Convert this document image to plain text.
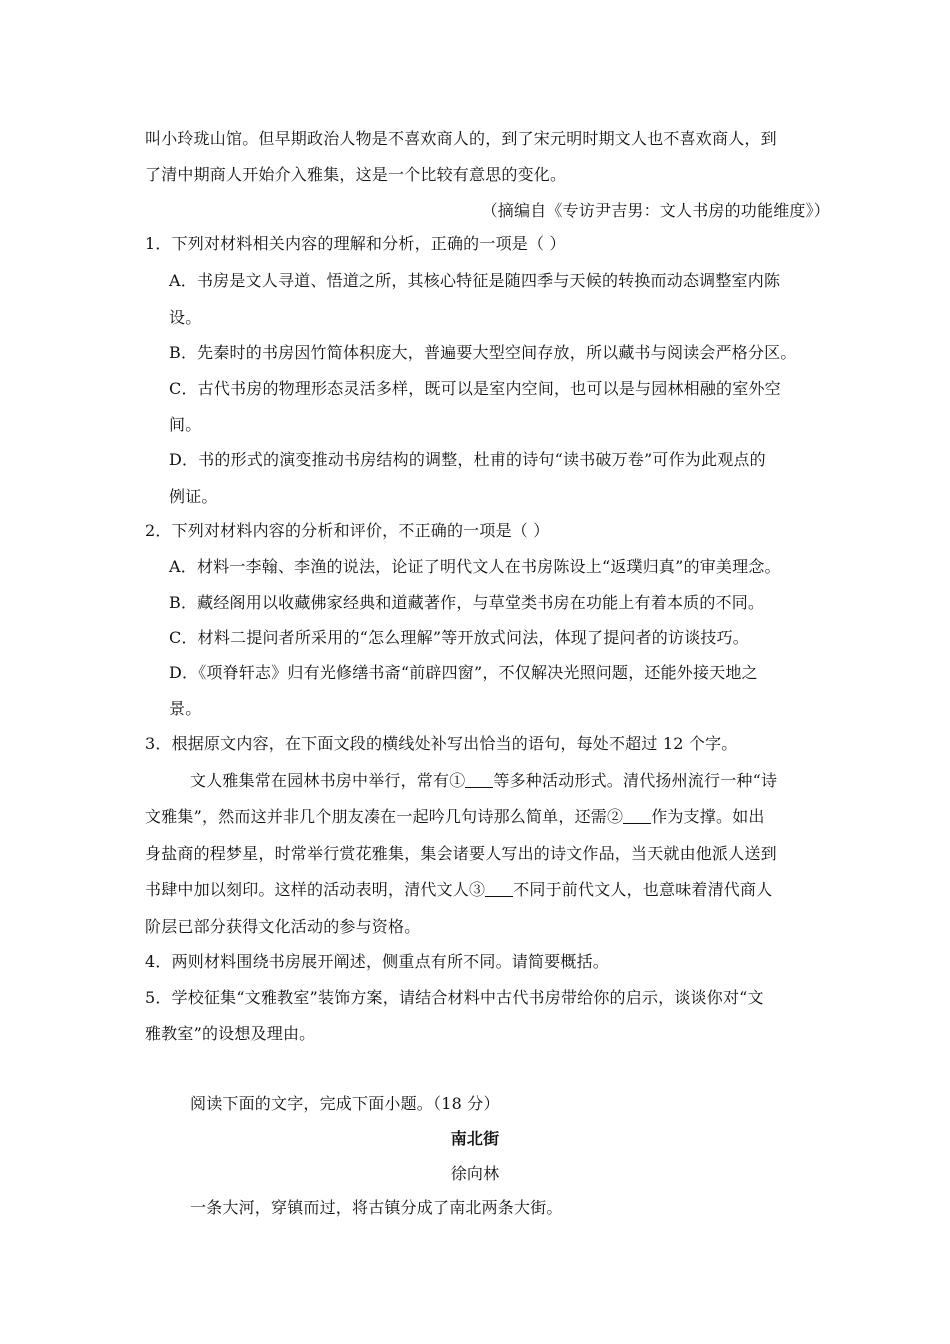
叫小玲珑山馆。但早期政治人物是不喜欢商人的，到了宋元明时期文人也不喜欢商人，到
了清中期商人开始介入雅集，这是一个比较有意思的变化。
（摘编自《专访尹吉男：文人书房的功能维度》）
1．下列对材料相关内容的理解和分析，正确的一项是（ ）
A．书房是文人寻道、悟道之所，其核心特征是随四季与天候的转换而动态调整室内陈
设。
B．先秦时的书房因竹简体积庞大，普遍要大型空间存放，所以藏书与阅读会严格分区。
C．古代书房的物理形态灵活多样，既可以是室内空间，也可以是与园林相融的室外空
间。
D．书的形式的演变推动书房结构的调整，杜甫的诗句“读书破万卷”可作为此观点的
例证。
2．下列对材料内容的分析和评价，不正确的一项是（ ）
A．材料一李翰、李渔的说法，论证了明代文人在书房陈设上“返璞归真”的审美理念。
B．藏经阁用以收藏佛家经典和道藏著作，与草堂类书房在功能上有着本质的不同。
C．材料二提问者所采用的“怎么理解”等开放式问法，体现了提问者的访谈技巧。
D．《项脊轩志》归有光修缮书斋“前辟四窗”，不仅解决光照问题，还能外接天地之
景。
3．根据原文内容，在下面文段的横线处补写出恰当的语句，每处不超过 12 个字。
文人雅集常在园林书房中举行，常有① 等多种活动形式。清代扬州流行一种“诗
文雅集”，然而这并非几个朋友凑在一起吟几句诗那么简单，还需② 作为支撑。如出
身盐商的程梦星，时常举行赏花雅集，集会诸要人写出的诗文作品，当天就由他派人送到
书肆中加以刻印。这样的活动表明，清代文人③ 不同于前代文人，也意味着清代商人
阶层已部分获得文化活动的参与资格。
4．两则材料围绕书房展开阐述，侧重点有所不同。请简要概括。
5．学校征集“文雅教室”装饰方案，请结合材料中古代书房带给你的启示，谈谈你对“文
雅教室”的设想及理由。
阅读下面的文字，完成下面小题。（18 分）
南北街
徐向林
一条大河，穿镇而过，将古镇分成了南北两条大街。
